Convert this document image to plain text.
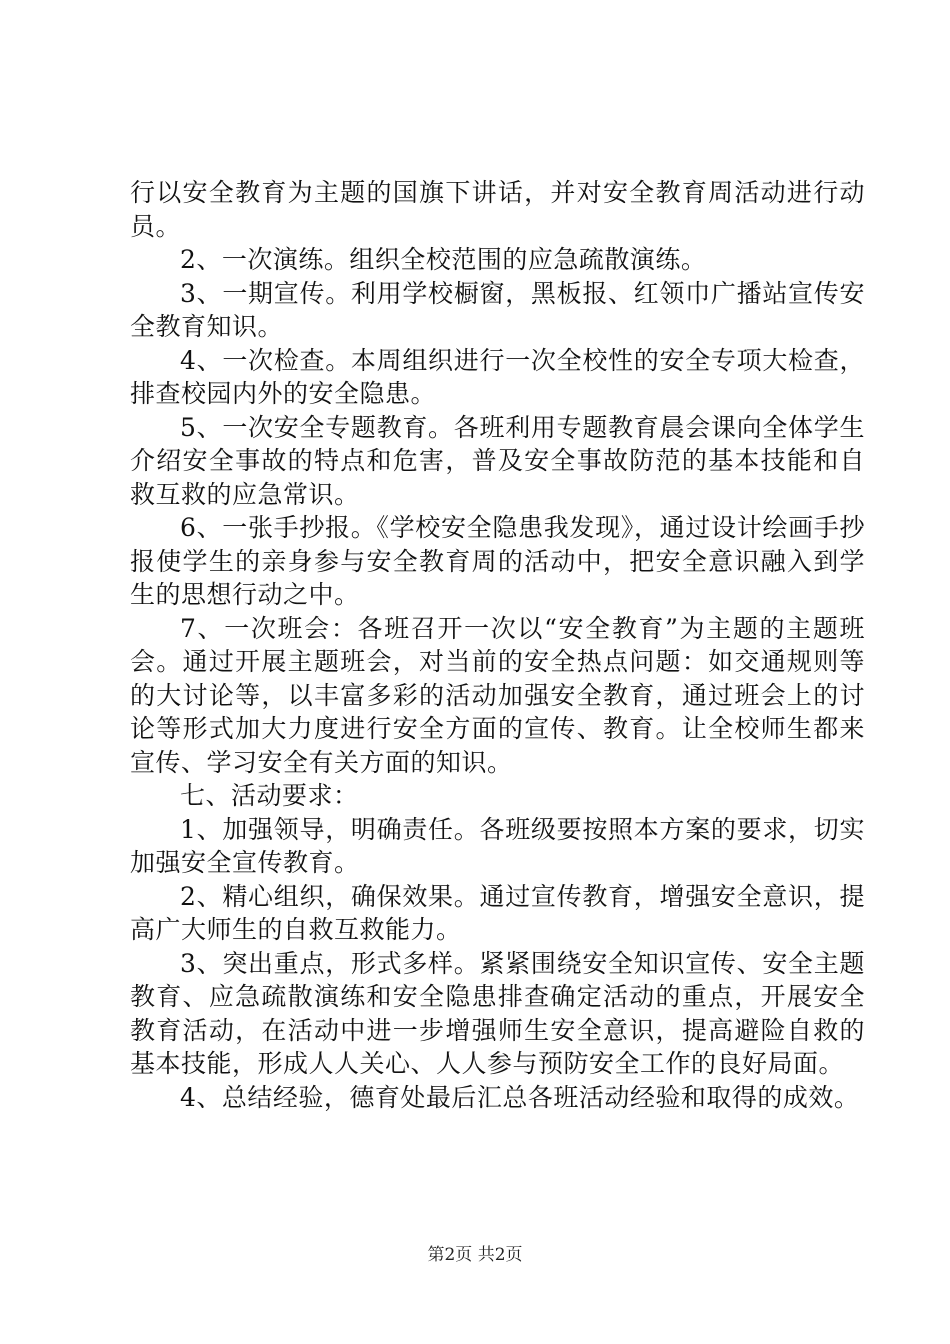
行以安全教育为主题的国旗下讲话，并对安全教育周活动进行动员。

2、一次演练。组织全校范围的应急疏散演练。

3、一期宣传。利用学校橱窗，黑板报、红领巾广播站宣传安全教育知识。

4、一次检查。本周组织进行一次全校性的安全专项大检查，排查校园内外的安全隐患。

5、一次安全专题教育。各班利用专题教育晨会课向全体学生介绍安全事故的特点和危害，普及安全事故防范的基本技能和自救互救的应急常识。

6、一张手抄报。《学校安全隐患我发现》，通过设计绘画手抄报使学生的亲身参与安全教育周的活动中，把安全意识融入到学生的思想行动之中。

7、一次班会：各班召开一次以“安全教育”为主题的主题班会。通过开展主题班会，对当前的安全热点问题：如交通规则等的大讨论等，以丰富多彩的活动加强安全教育，通过班会上的讨论等形式加大力度进行安全方面的宣传、教育。让全校师生都来宣传、学习安全有关方面的知识。

七、活动要求：

1、加强领导，明确责任。各班级要按照本方案的要求，切实加强安全宣传教育。

2、精心组织，确保效果。通过宣传教育，增强安全意识，提高广大师生的自救互救能力。

3、突出重点，形式多样。紧紧围绕安全知识宣传、安全主题教育、应急疏散演练和安全隐患排查确定活动的重点，开展安全教育活动，在活动中进一步增强师生安全意识，提高避险自救的基本技能，形成人人关心、人人参与预防安全工作的良好局面。

4、总结经验，德育处最后汇总各班活动经验和取得的成效。

第2页 共2页
